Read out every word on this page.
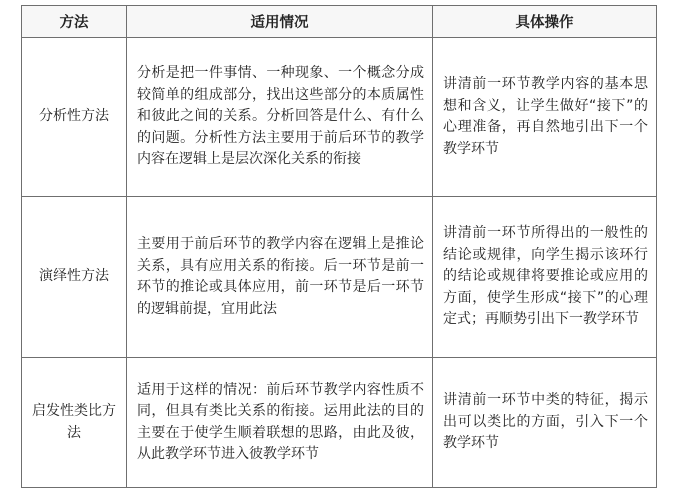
方法	适用情况	具体操作
分析性方法	分析是把一件事情、一种现象、一个概念分成较简单的组成部分，找出这些部分的本质属性和彼此之间的关系。分析回答是什么、有什么的问题。分析性方法主要用于前后环节的教学内容在逻辑上是层次深化关系的衔接	讲清前一环节教学内容的基本思想和含义，让学生做好“接下”的心理准备，再自然地引出下一个教学环节
演绎性方法	主要用于前后环节的教学内容在逻辑上是推论关系，具有应用关系的衔接。后一环节是前一环节的推论或具体应用，前一环节是后一环节的逻辑前提，宜用此法	讲清前一环节所得出的一般性的结论或规律，向学生揭示该环行的结论或规律将要推论或应用的方面，使学生形成“接下”的心理定式；再顺势引出下一教学环节
启发性类比方法	适用于这样的情况：前后环节教学内容性质不同，但具有类比关系的衔接。运用此法的目的主要在于使学生顺着联想的思路，由此及彼，从此教学环节进入彼教学环节	讲清前一环节中类的特征，揭示出可以类比的方面，引入下一个教学环节
